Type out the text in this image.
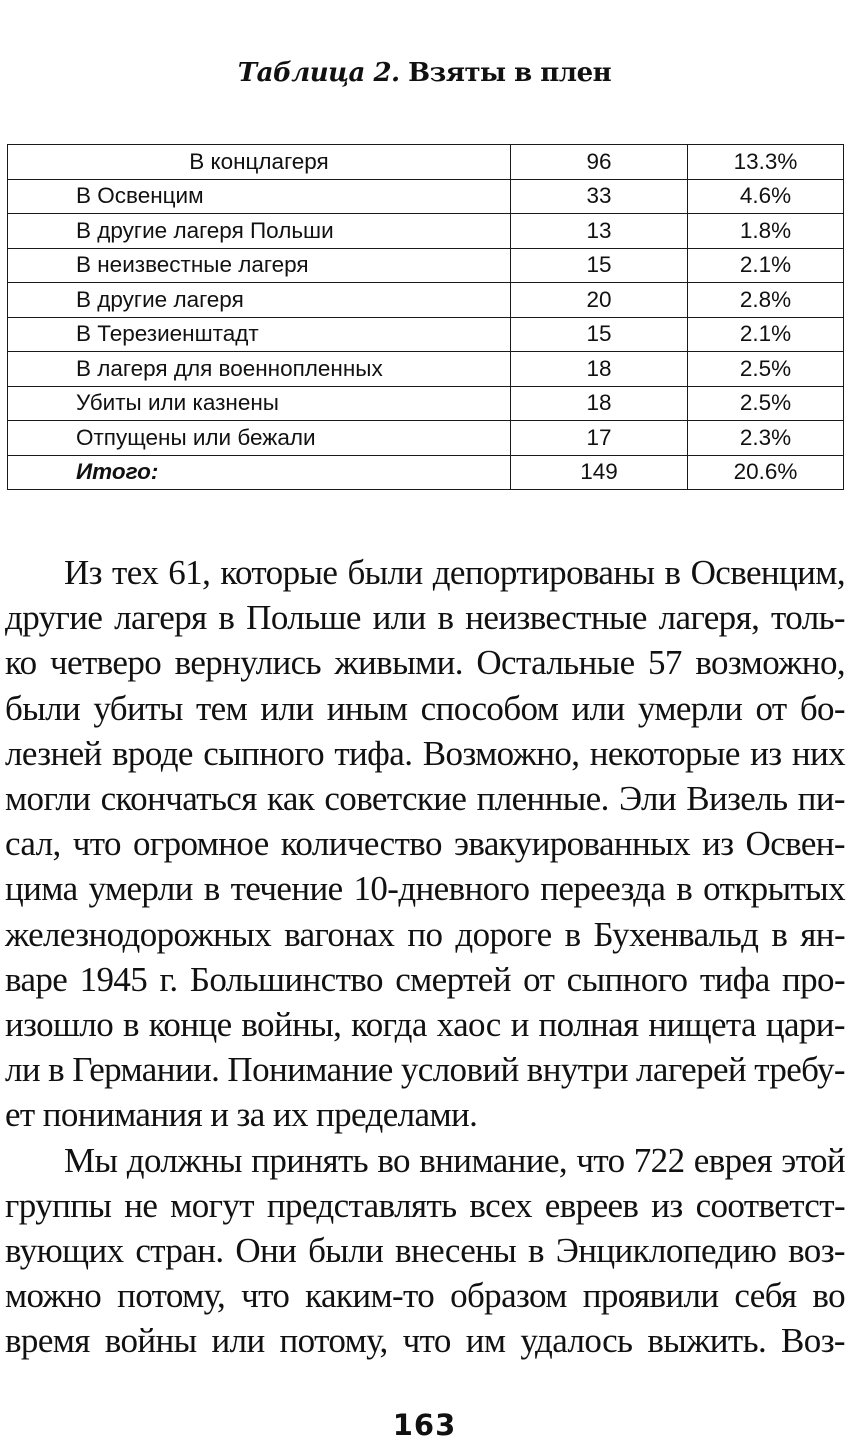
Таблица 2. Взяты в плен
В концлагеря	96	13.3%
В Освенцим	33	4.6%
В другие лагеря Польши	13	1.8%
В неизвестные лагеря	15	2.1%
В другие лагеря	20	2.8%
В Терезиенштадт	15	2.1%
В лагеря для военнопленных	18	2.5%
Убиты или казнены	18	2.5%
Отпущены или бежали	17	2.3%
Итого:	149	20.6%
Из тех 61, которые были депортированы в Освенцим,
другие лагеря в Польше или в неизвестные лагеря, толь-
ко четверо вернулись живыми. Остальные 57 возможно,
были убиты тем или иным способом или умерли от бо-
лезней вроде сыпного тифа. Возможно, некоторые из них
могли скончаться как советские пленные. Эли Визель пи-
сал, что огромное количество эвакуированных из Освен-
цима умерли в течение 10-дневного переезда в открытых
железнодорожных вагонах по дороге в Бухенвальд в ян-
варе 1945 г. Большинство смертей от сыпного тифа про-
изошло в конце войны, когда хаос и полная нищета цари-
ли в Германии. Понимание условий внутри лагерей требу-
ет понимания и за их пределами.
Мы должны принять во внимание, что 722 еврея этой
группы не могут представлять всех евреев из соответст-
вующих стран. Они были внесены в Энциклопедию воз-
можно потому, что каким-то образом проявили себя во
время войны или потому, что им удалось выжить. Воз-
163
